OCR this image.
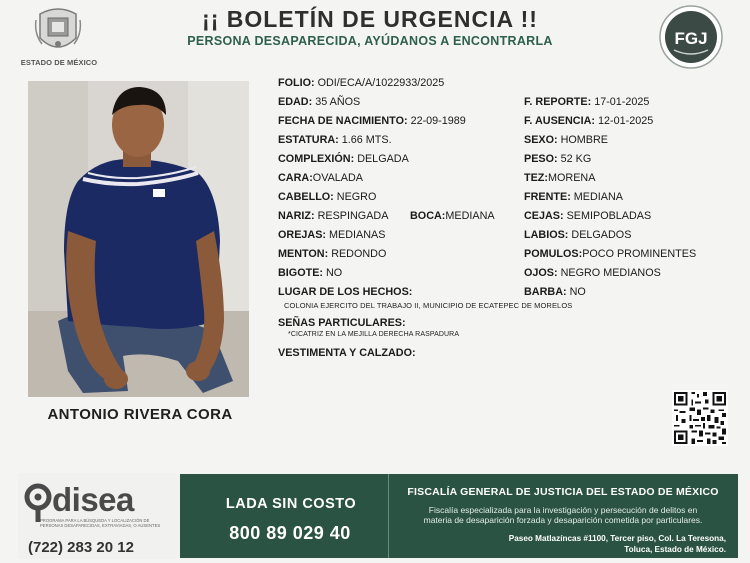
ESTADO DE MÉXICO
¡¡ BOLETÍN DE URGENCIA !!
PERSONA DESAPARECIDA, AYÚDANOS A ENCONTRARLA	FGJ
ANTONIO RIVERA CORA
FOLIO: ODI/ECA/A/1022933/2025
EDAD: 35 AÑOS	F. REPORTE: 17-01-2025
FECHA DE NACIMIENTO: 22-09-1989	F. AUSENCIA: 12-01-2025
ESTATURA: 1.66 MTS.	SEXO: HOMBRE
COMPLEXIÓN: DELGADA	PESO: 52 KG
CARA:OVALADA	TEZ:MORENA
CABELLO: NEGRO	FRENTE: MEDIANA
NARIZ: RESPINGADA BOCA:MEDIANA	CEJAS: SEMIPOBLADAS
OREJAS: MEDIANAS	LABIOS: DELGADOS
MENTON: REDONDO	POMULOS:POCO PROMINENTES
BIGOTE: NO	OJOS: NEGRO MEDIANOS
LUGAR DE LOS HECHOS:	BARBA: NO
COLONIA EJERCITO DEL TRABAJO II, MUNICIPIO DE ECATEPEC DE MORELOS
SEÑAS PARTICULARES:
*CICATRIZ EN LA MEJILLA DERECHA RASPADURA
VESTIMENTA Y CALZADO:
disea
PROGRAMA PARA LA BÚSQUEDA Y LOCALIZACIÓN DE PERSONAS DESAPARECIDAS, EXTRAVIADAS, O AUSENTES
(722) 283 20 12
LADA SIN COSTO
800 89 029 40
FISCALÍA GENERAL DE JUSTICIA DEL ESTADO DE MÉXICO
Fiscalía especializada para la investigación y persecución de delitos en
materia de desaparición forzada y desaparición cometida por particulares.
Paseo Matlazíncas #1100, Tercer piso, Col. La Teresona,
Toluca, Estado de México.
